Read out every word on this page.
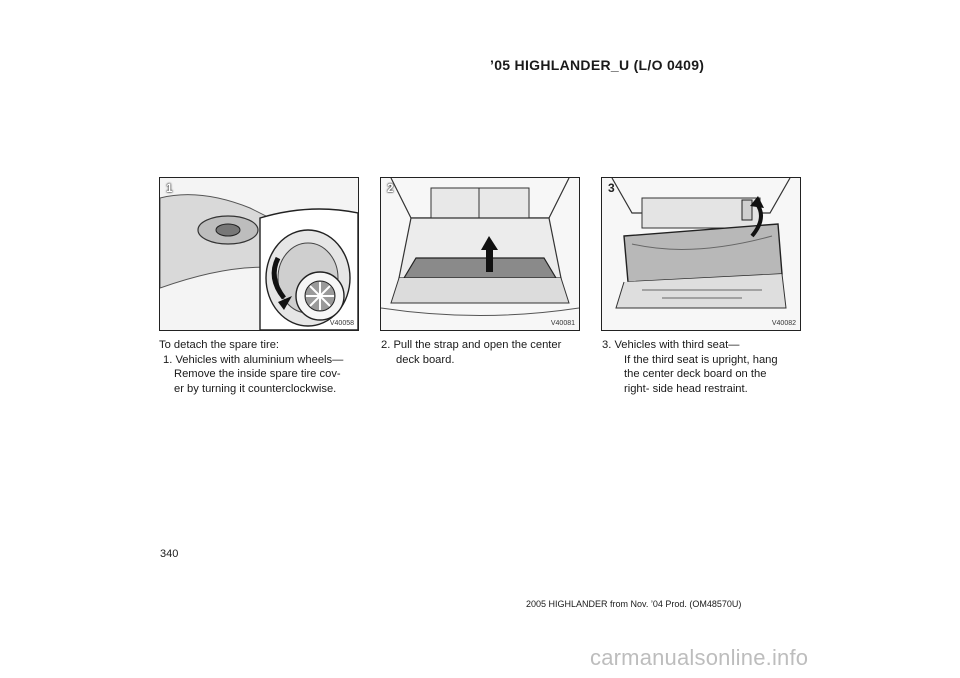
’05 HIGHLANDER_U (L/O 0409)
1
V40058
2
V40081
3
V40082

To detach the spare tire:

1. Vehicles with aluminium wheels—

Remove the inside spare tire cov-

er by turning it counterclockwise.

2. Pull the strap and open the center

deck board.

3. Vehicles with third seat—

If the third seat is upright, hang

the center deck board on the

right- side head restraint.

340
2005 HIGHLANDER from Nov. ’04 Prod. (OM48570U)
carmanualsonline.info
